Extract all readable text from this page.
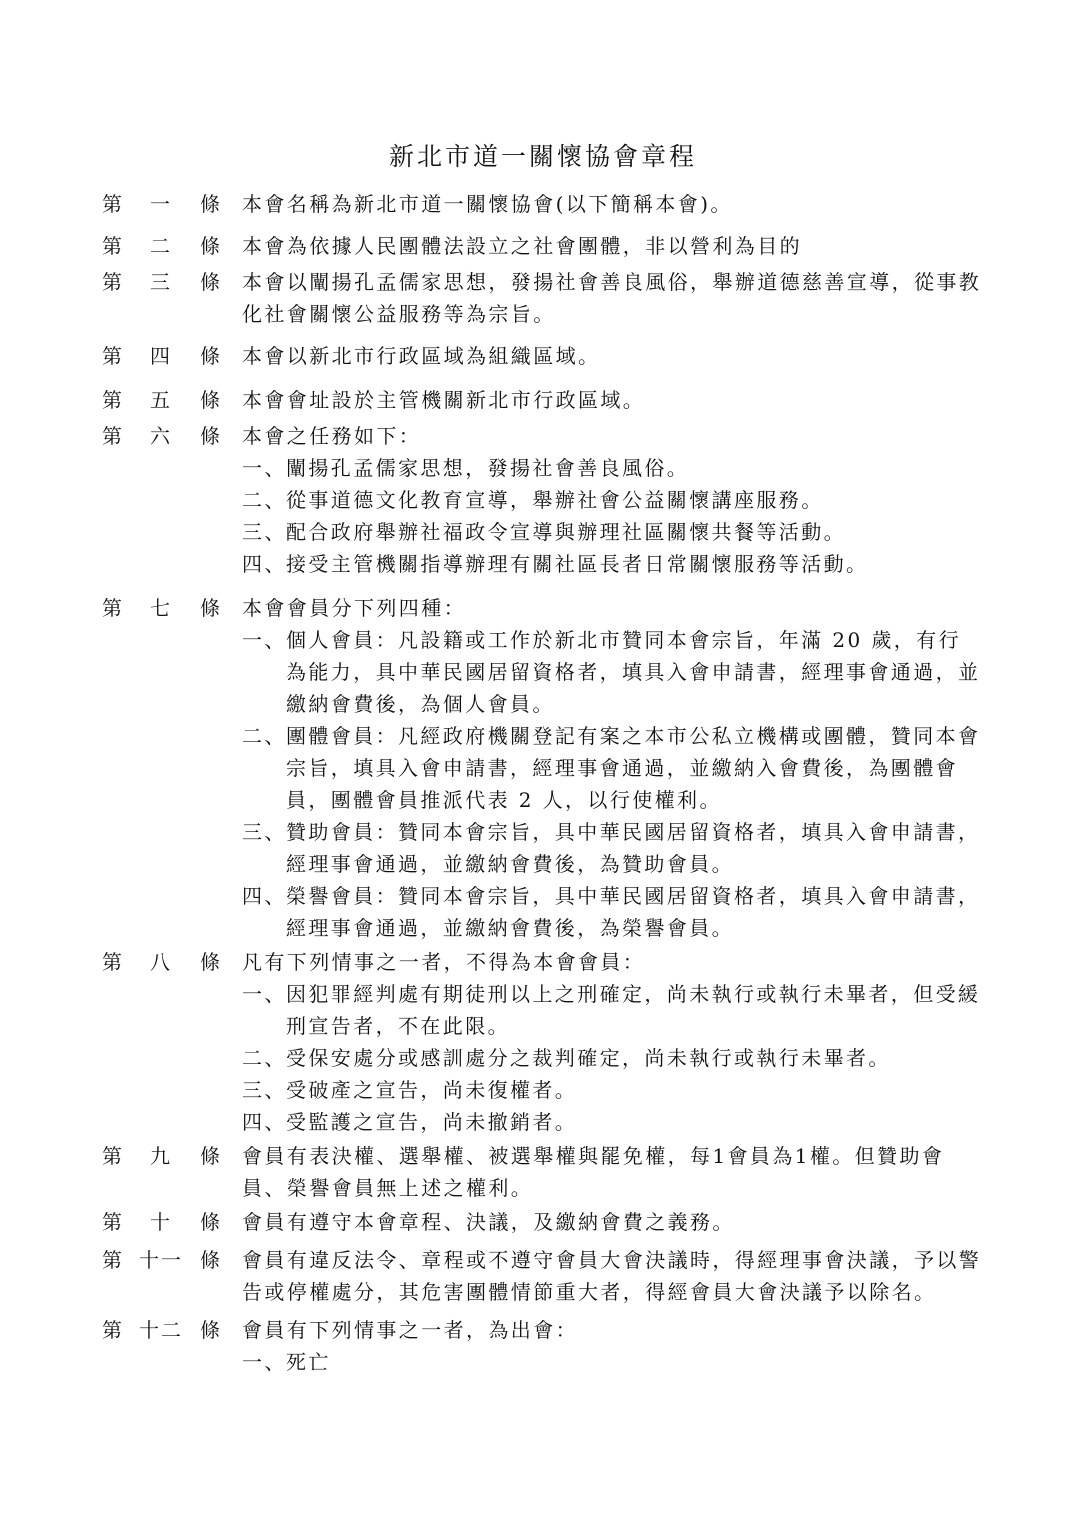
新北市道一關懷協會章程
第	一	條 本會名稱為新北市道一關懷協會(以下簡稱本會)。

第	二	條 本會為依據人民團體法設立之社會團體，非以營利為目的

第	三	條 本會以闡揚孔孟儒家思想，發揚社會善良風俗，舉辦道德慈善宣導，從事教化社會關懷公益服務等為宗旨。

第	四	條 本會以新北市行政區域為組織區域。

第	五	條 本會會址設於主管機關新北市行政區域。

第	六	條 本會之任務如下：

一、 闡揚孔孟儒家思想，發揚社會善良風俗。
二、 從事道德文化教育宣導，舉辦社會公益關懷講座服務。
三、 配合政府舉辦社福政令宣導與辦理社區關懷共餐等活動。
四、 接受主管機關指導辦理有關社區長者日常關懷服務等活動。
第	七	條 本會會員分下列四種：

一、 個人會員：凡設籍或工作於新北市贊同本會宗旨，年滿 20 歲，有行為能力，具中華民國居留資格者，填具入會申請書，經理事會通過，並繳納會費後，為個人會員。
二、 團體會員：凡經政府機關登記有案之本市公私立機構或團體，贊同本會宗旨，填具入會申請書，經理事會通過，並繳納入會費後，為團體會員，團體會員推派代表 2 人，以行使權利。
三、 贊助會員：贊同本會宗旨，具中華民國居留資格者，填具入會申請書，經理事會通過，並繳納會費後，為贊助會員。
四、 榮譽會員：贊同本會宗旨，具中華民國居留資格者，填具入會申請書，經理事會通過，並繳納會費後，為榮譽會員。
第	八	條 凡有下列情事之一者，不得為本會會員：

一、 因犯罪經判處有期徒刑以上之刑確定，尚未執行或執行未畢者，但受緩刑宣告者，不在此限。
二、 受保安處分或感訓處分之裁判確定，尚未執行或執行未畢者。
三、 受破產之宣告，尚未復權者。
四、 受監護之宣告，尚未撤銷者。
第	九	條 會員有表決權、選舉權、被選舉權與罷免權，每1會員為1權。但贊助會員、榮譽會員無上述之權利。

第	十	條 會員有遵守本會章程、決議，及繳納會費之義務。

第 十一 條 會員有違反法令、章程或不遵守會員大會決議時，得經理事會決議，予以警告或停權處分，其危害團體情節重大者，得經會員大會決議予以除名。

第 十二 條 會員有下列情事之一者，為出會：

一、 死亡
